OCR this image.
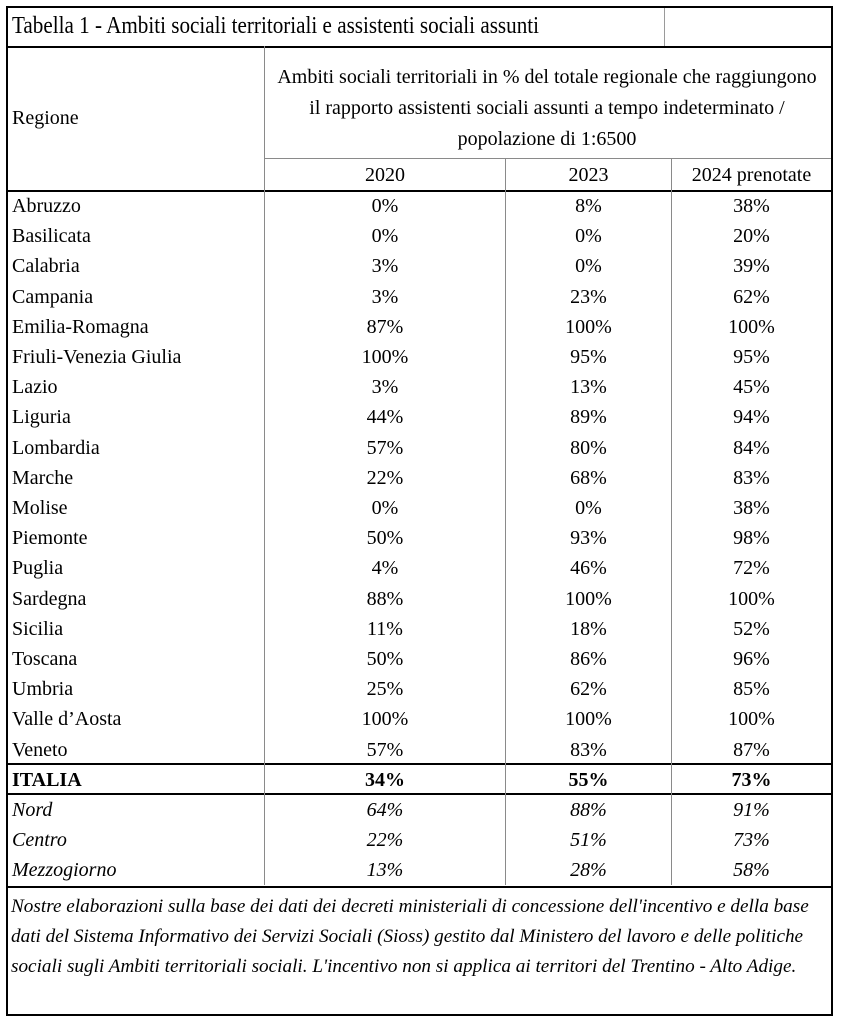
Tabella 1 - Ambiti sociali territoriali e assistenti sociali assunti
Regione
Ambiti sociali territoriali in % del totale regionale che raggiungono il rapporto assistenti sociali assunti a tempo indeterminato / popolazione di 1:6500
2020	2023	2024 prenotate
Abruzzo	0%	8%	38%
Basilicata	0%	0%	20%
Calabria	3%	0%	39%
Campania	3%	23%	62%
Emilia-Romagna	87%	100%	100%
Friuli-Venezia Giulia	100%	95%	95%
Lazio	3%	13%	45%
Liguria	44%	89%	94%
Lombardia	57%	80%	84%
Marche	22%	68%	83%
Molise	0%	0%	38%
Piemonte	50%	93%	98%
Puglia	4%	46%	72%
Sardegna	88%	100%	100%
Sicilia	11%	18%	52%
Toscana	50%	86%	96%
Umbria	25%	62%	85%
Valle d’Aosta	100%	100%	100%
Veneto	57%	83%	87%
ITALIA	34%	55%	73%
Nord	64%	88%	91%
Centro	22%	51%	73%
Mezzogiorno	13%	28%	58%
Nostre elaborazioni sulla base dei dati dei decreti ministeriali di concessione dell'incentivo e della base dati del Sistema Informativo dei Servizi Sociali (Sioss) gestito dal Ministero del lavoro e delle politiche sociali sugli Ambiti territoriali sociali. L'incentivo non si applica ai territori del Trentino - Alto Adige.
